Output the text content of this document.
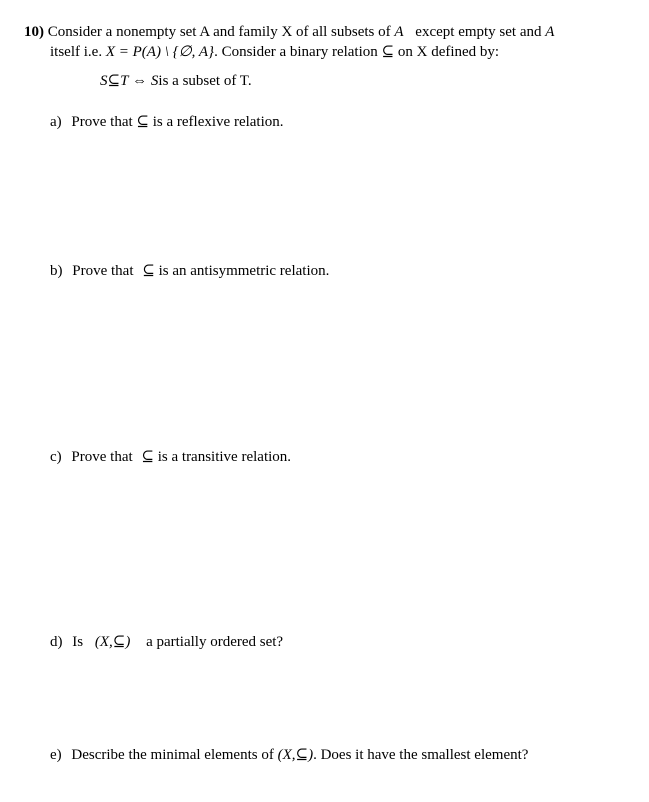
10) Consider a nonempty set A and family X of all subsets of A except empty set and A
itself i.e. X = P(A) \ {∅, A}. Consider a binary relation ⊆ on X defined by:
S⊆T ⇔ Sis a subset of T.
a) Prove that ⊆ is a reflexive relation.
b) Prove that ⊆ is an antisymmetric relation.
c) Prove that ⊆ is a transitive relation.
d) Is (X,⊆) a partially ordered set?
e) Describe the minimal elements of (X,⊆). Does it have the smallest element?
